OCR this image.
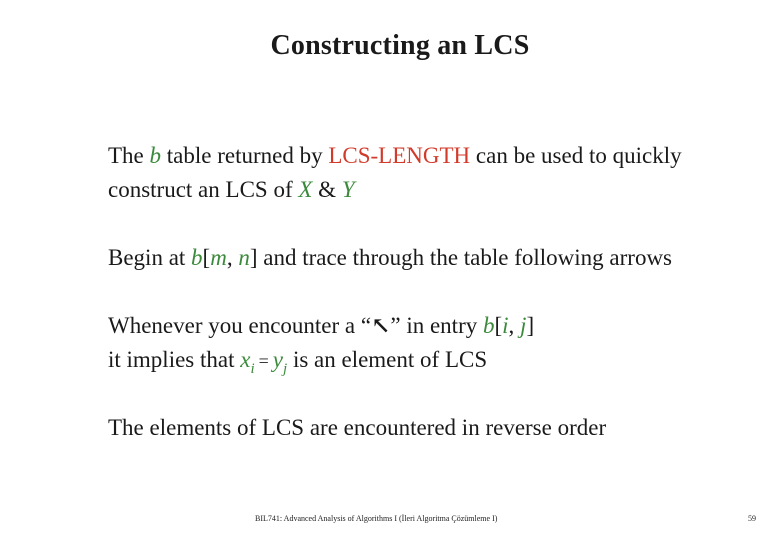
Constructing an LCS
The b table returned by LCS-LENGTH can be used to quickly
construct an LCS of X & Y
Begin at b[m, n] and trace through the table following arrows
Whenever you encounter a “↖” in entry b[i, j]
it implies that $x_i = y_j$ is an element of LCS
The elements of LCS are encountered in reverse order
BIL741: Advanced Analysis of Algorithms I (İleri Algoritma Çözümleme I)	59
